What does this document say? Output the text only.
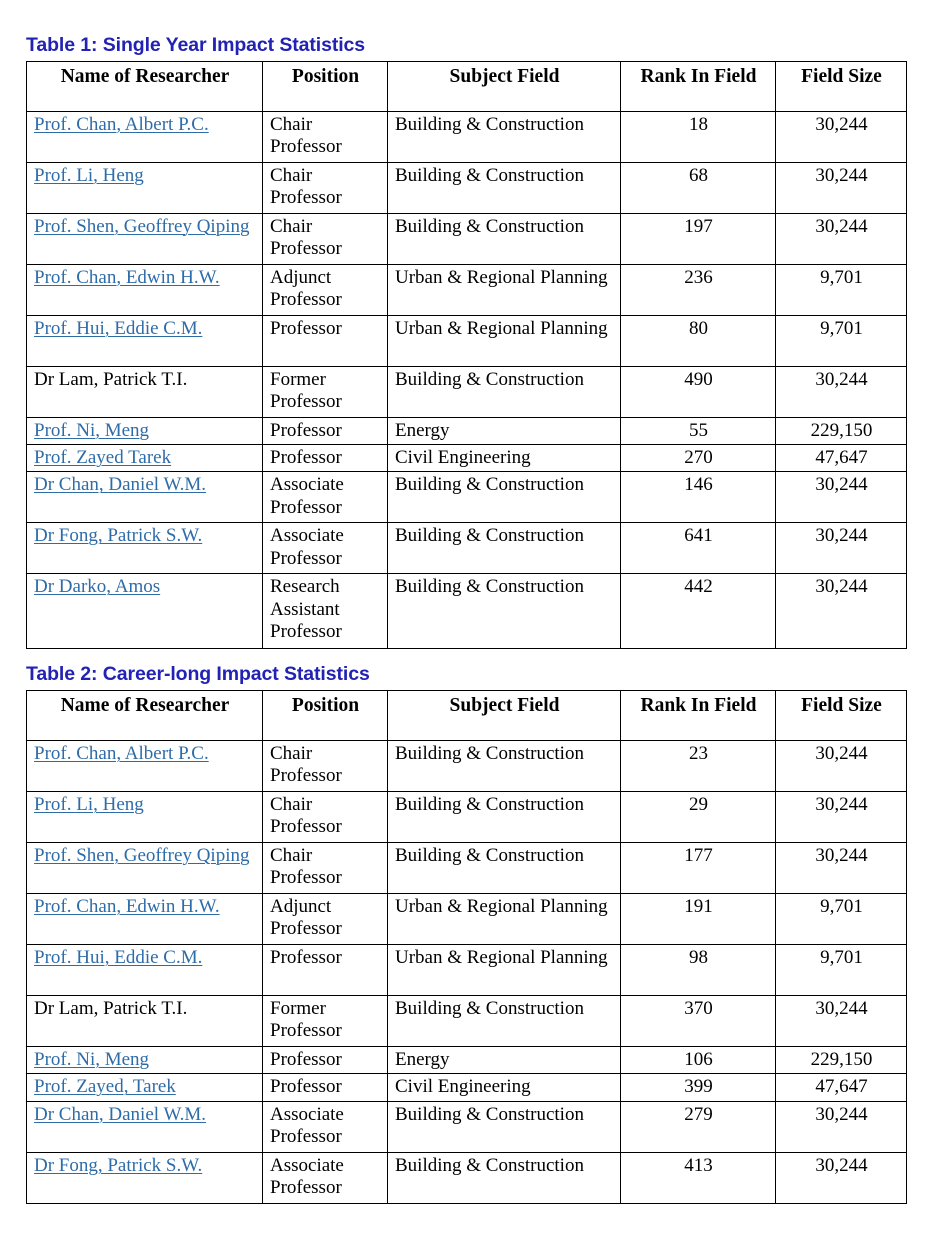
Table 1: Single Year Impact Statistics
Name of Researcher	Position	Subject Field	Rank In Field	Field Size
Prof. Chan, Albert P.C.	Chair Professor	Building & Construction	18	30,244
Prof. Li, Heng	Chair Professor	Building & Construction	68	30,244
Prof. Shen, Geoffrey Qiping	Chair Professor	Building & Construction	197	30,244
Prof. Chan, Edwin H.W.	Adjunct Professor	Urban & Regional Planning	236	9,701
Prof. Hui, Eddie C.M.	Professor	Urban & Regional Planning	80	9,701
Dr Lam, Patrick T.I.	Former Professor	Building & Construction	490	30,244
Prof. Ni, Meng	Professor	Energy	55	229,150
Prof. Zayed Tarek	Professor	Civil Engineering	270	47,647
Dr Chan, Daniel W.M.	Associate Professor	Building & Construction	146	30,244
Dr Fong, Patrick S.W.	Associate Professor	Building & Construction	641	30,244
Dr Darko, Amos	Research Assistant Professor	Building & Construction	442	30,244
Table 2: Career-long Impact Statistics
Name of Researcher	Position	Subject Field	Rank In Field	Field Size
Prof. Chan, Albert P.C.	Chair Professor	Building & Construction	23	30,244
Prof. Li, Heng	Chair Professor	Building & Construction	29	30,244
Prof. Shen, Geoffrey Qiping	Chair Professor	Building & Construction	177	30,244
Prof. Chan, Edwin H.W.	Adjunct Professor	Urban & Regional Planning	191	9,701
Prof. Hui, Eddie C.M.	Professor	Urban & Regional Planning	98	9,701
Dr Lam, Patrick T.I.	Former Professor	Building & Construction	370	30,244
Prof. Ni, Meng	Professor	Energy	106	229,150
Prof. Zayed, Tarek	Professor	Civil Engineering	399	47,647
Dr Chan, Daniel W.M.	Associate Professor	Building & Construction	279	30,244
Dr Fong, Patrick S.W.	Associate Professor	Building & Construction	413	30,244
